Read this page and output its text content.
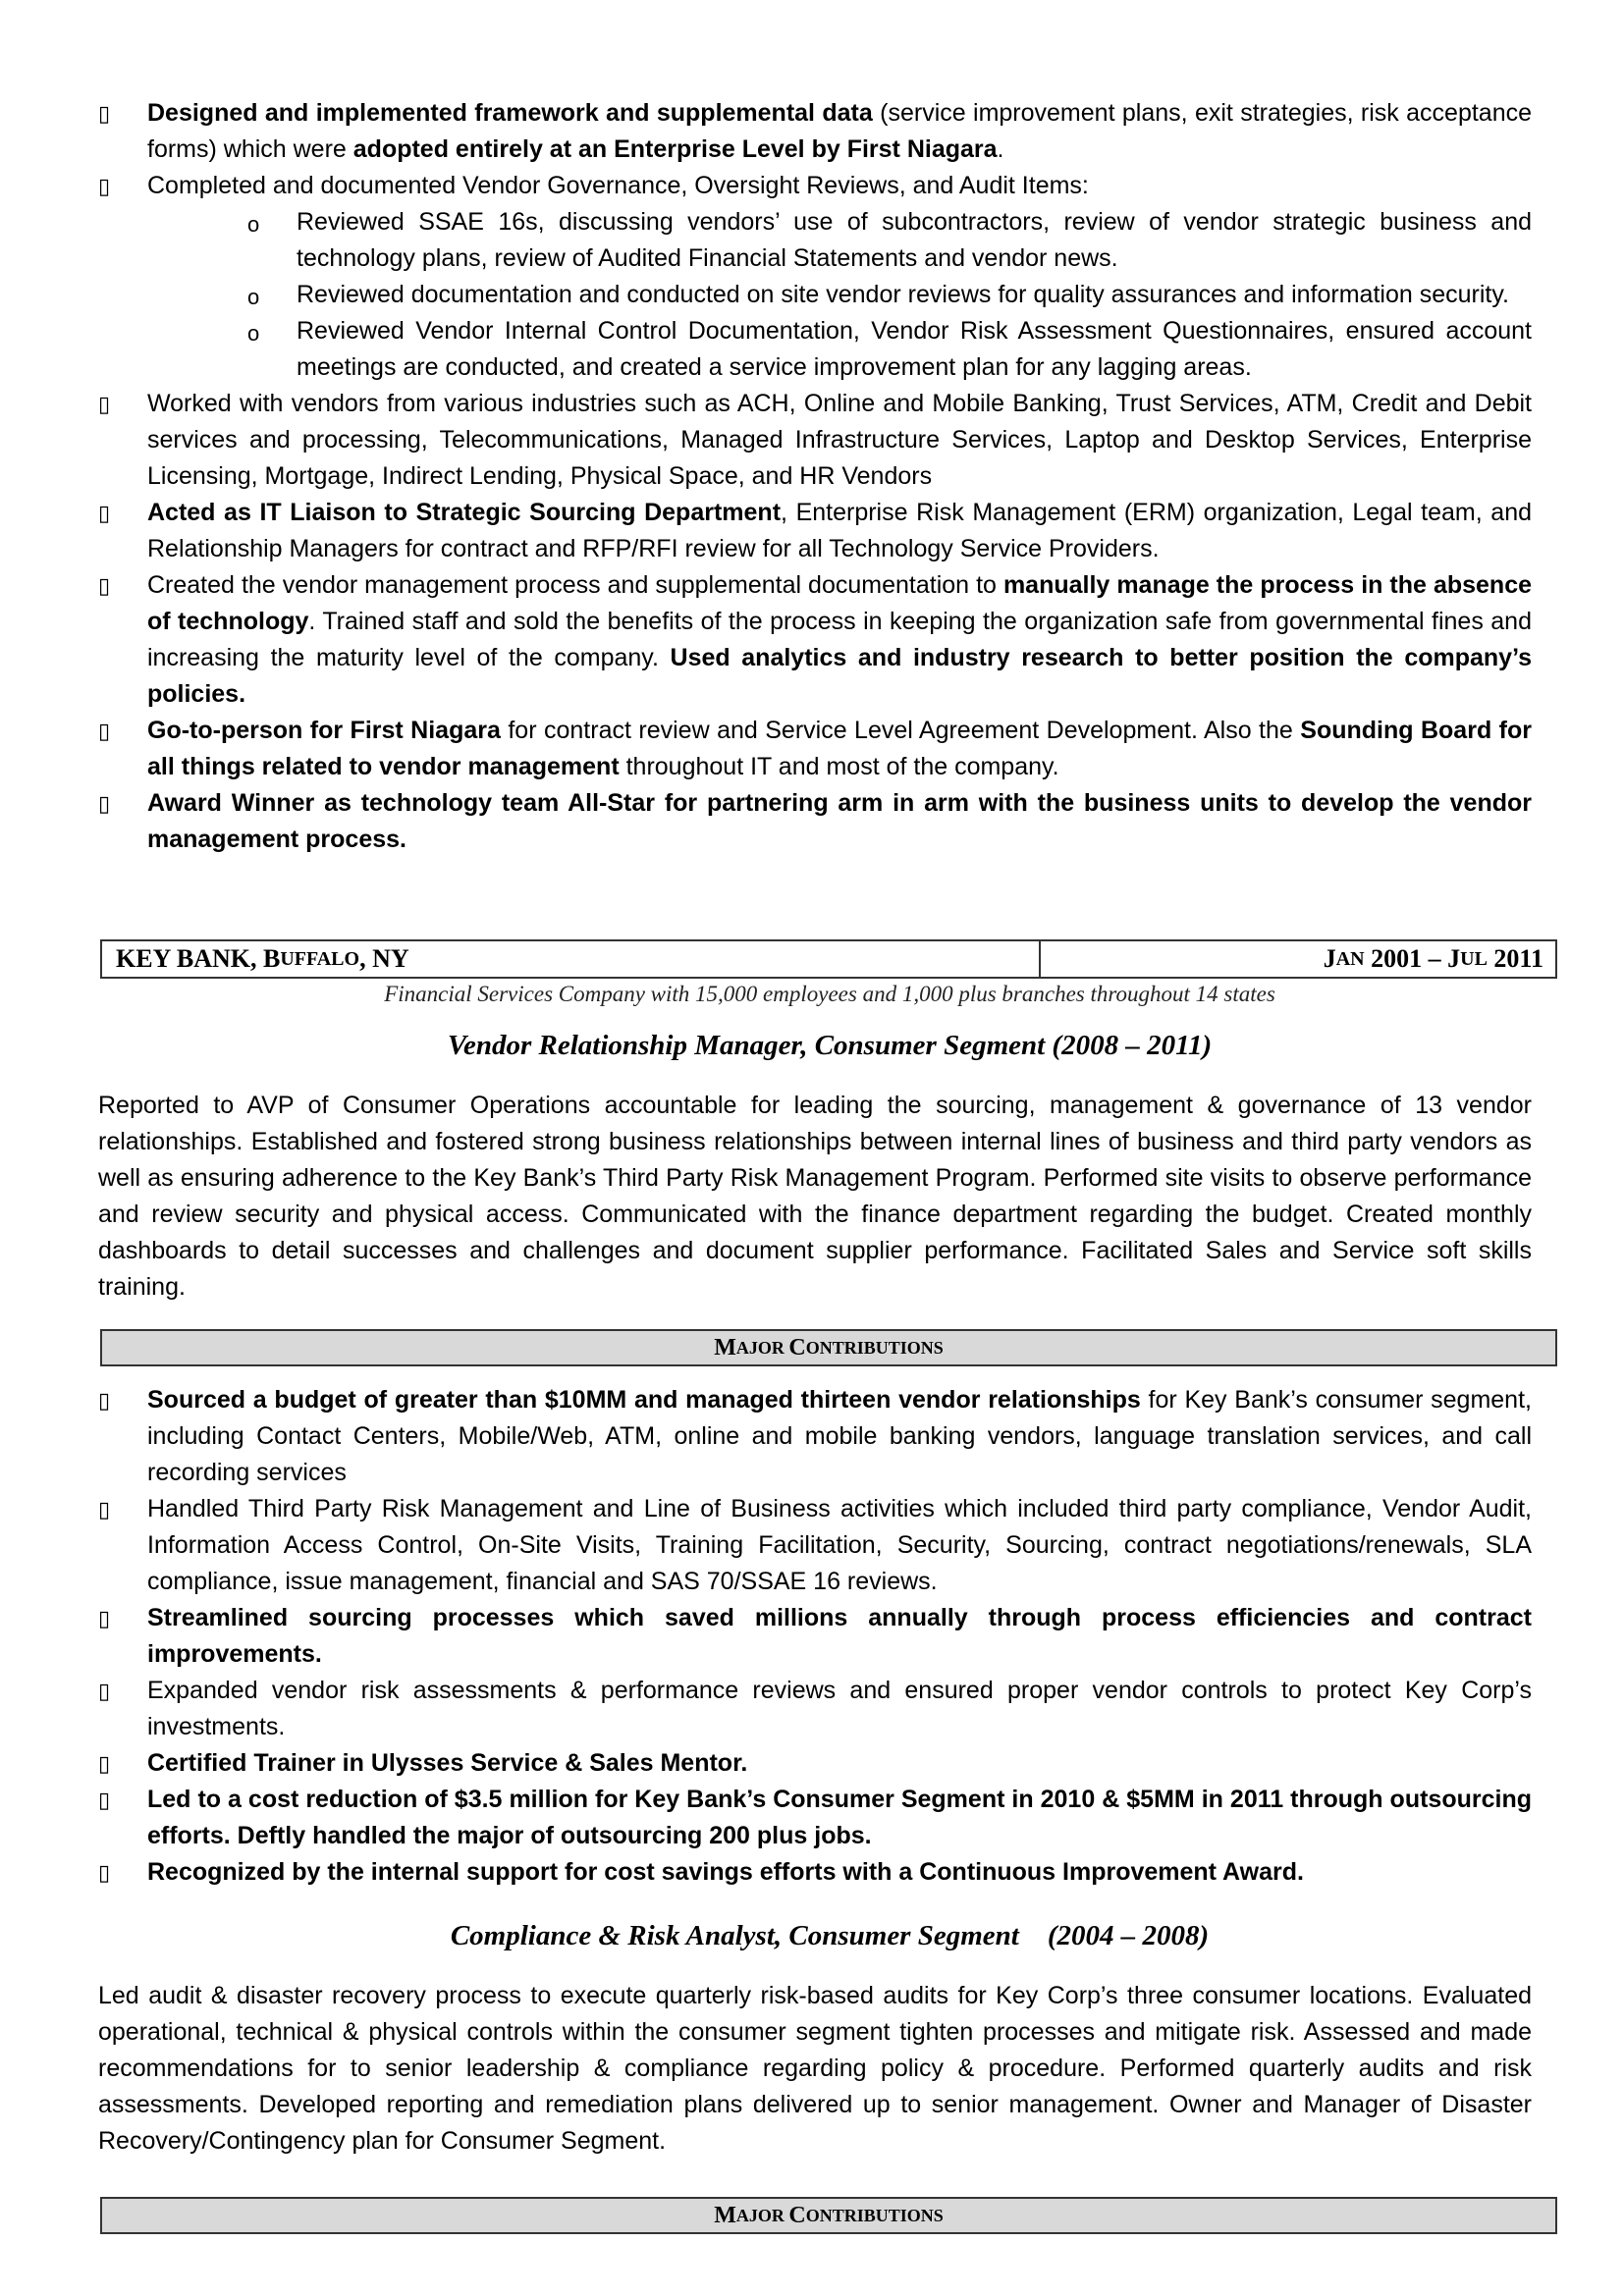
▯ Designed and implemented framework and supplemental data (service improvement plans, exit strategies, risk acceptance forms) which were adopted entirely at an Enterprise Level by First Niagara.
▯ Completed and documented Vendor Governance, Oversight Reviews, and Audit Items:
o Reviewed SSAE 16s, discussing vendors’ use of subcontractors, review of vendor strategic business and technology plans, review of Audited Financial Statements and vendor news.
o Reviewed documentation and conducted on site vendor reviews for quality assurances and information security.
o Reviewed Vendor Internal Control Documentation, Vendor Risk Assessment Questionnaires, ensured account meetings are conducted, and created a service improvement plan for any lagging areas.
▯ Worked with vendors from various industries such as ACH, Online and Mobile Banking, Trust Services, ATM, Credit and Debit services and processing, Telecommunications, Managed Infrastructure Services, Laptop and Desktop Services, Enterprise Licensing, Mortgage, Indirect Lending, Physical Space, and HR Vendors
▯ Acted as IT Liaison to Strategic Sourcing Department, Enterprise Risk Management (ERM) organization, Legal team, and Relationship Managers for contract and RFP/RFI review for all Technology Service Providers.
▯ Created the vendor management process and supplemental documentation to manually manage the process in the absence of technology. Trained staff and sold the benefits of the process in keeping the organization safe from governmental fines and increasing the maturity level of the company. Used analytics and industry research to better position the company’s policies.
▯ Go-to-person for First Niagara for contract review and Service Level Agreement Development. Also the Sounding Board for all things related to vendor management throughout IT and most of the company.
▯ Award Winner as technology team All-Star for partnering arm in arm with the business units to develop the vendor management process.
KEY BANK,
B UFFALO , NY	J AN 2001 – J UL 2011
Financial Services Company with 15,000 employees and 1,000 plus branches throughout 14 states
Vendor Relationship Manager, Consumer Segment (2008 – 2011)
Reported to AVP of Consumer Operations accountable for leading the sourcing, management & governance of 13 vendor relationships. Established and fostered strong business relationships between internal lines of business and third party vendors as well as ensuring adherence to the Key Bank’s Third Party Risk Management Program. Performed site visits to observe performance and review security and physical access. Communicated with the finance department regarding the budget. Created monthly dashboards to detail successes and challenges and document supplier performance. Facilitated Sales and Service soft skills training.
M AJOR C ONTRIBUTIONS
▯ Sourced a budget of greater than $10MM and managed thirteen vendor relationships for Key Bank’s consumer segment, including Contact Centers, Mobile/Web, ATM, online and mobile banking vendors, language translation services, and call recording services
▯ Handled Third Party Risk Management and Line of Business activities which included third party compliance, Vendor Audit, Information Access Control, On-Site Visits, Training Facilitation, Security, Sourcing, contract negotiations/renewals, SLA compliance, issue management, financial and SAS 70/SSAE 16 reviews.
▯ Streamlined sourcing processes which saved millions annually through process efficiencies and contract improvements.
▯ Expanded vendor risk assessments & performance reviews and ensured proper vendor controls to protect Key Corp’s investments.
▯ Certified Trainer in Ulysses Service & Sales Mentor.
▯ Led to a cost reduction of $3.5 million for Key Bank’s Consumer Segment in 2010 & $5MM in 2011 through outsourcing efforts. Deftly handled the major of outsourcing 200 plus jobs.
▯ Recognized by the internal support for cost savings efforts with a Continuous Improvement Award.
Compliance & Risk Analyst, Consumer Segment (2004 – 2008)
Led audit & disaster recovery process to execute quarterly risk-based audits for Key Corp’s three consumer locations. Evaluated operational, technical & physical controls within the consumer segment tighten processes and mitigate risk. Assessed and made recommendations for to senior leadership & compliance regarding policy & procedure. Performed quarterly audits and risk assessments. Developed reporting and remediation plans delivered up to senior management. Owner and Manager of Disaster Recovery/Contingency plan for Consumer Segment.
M AJOR C ONTRIBUTIONS
